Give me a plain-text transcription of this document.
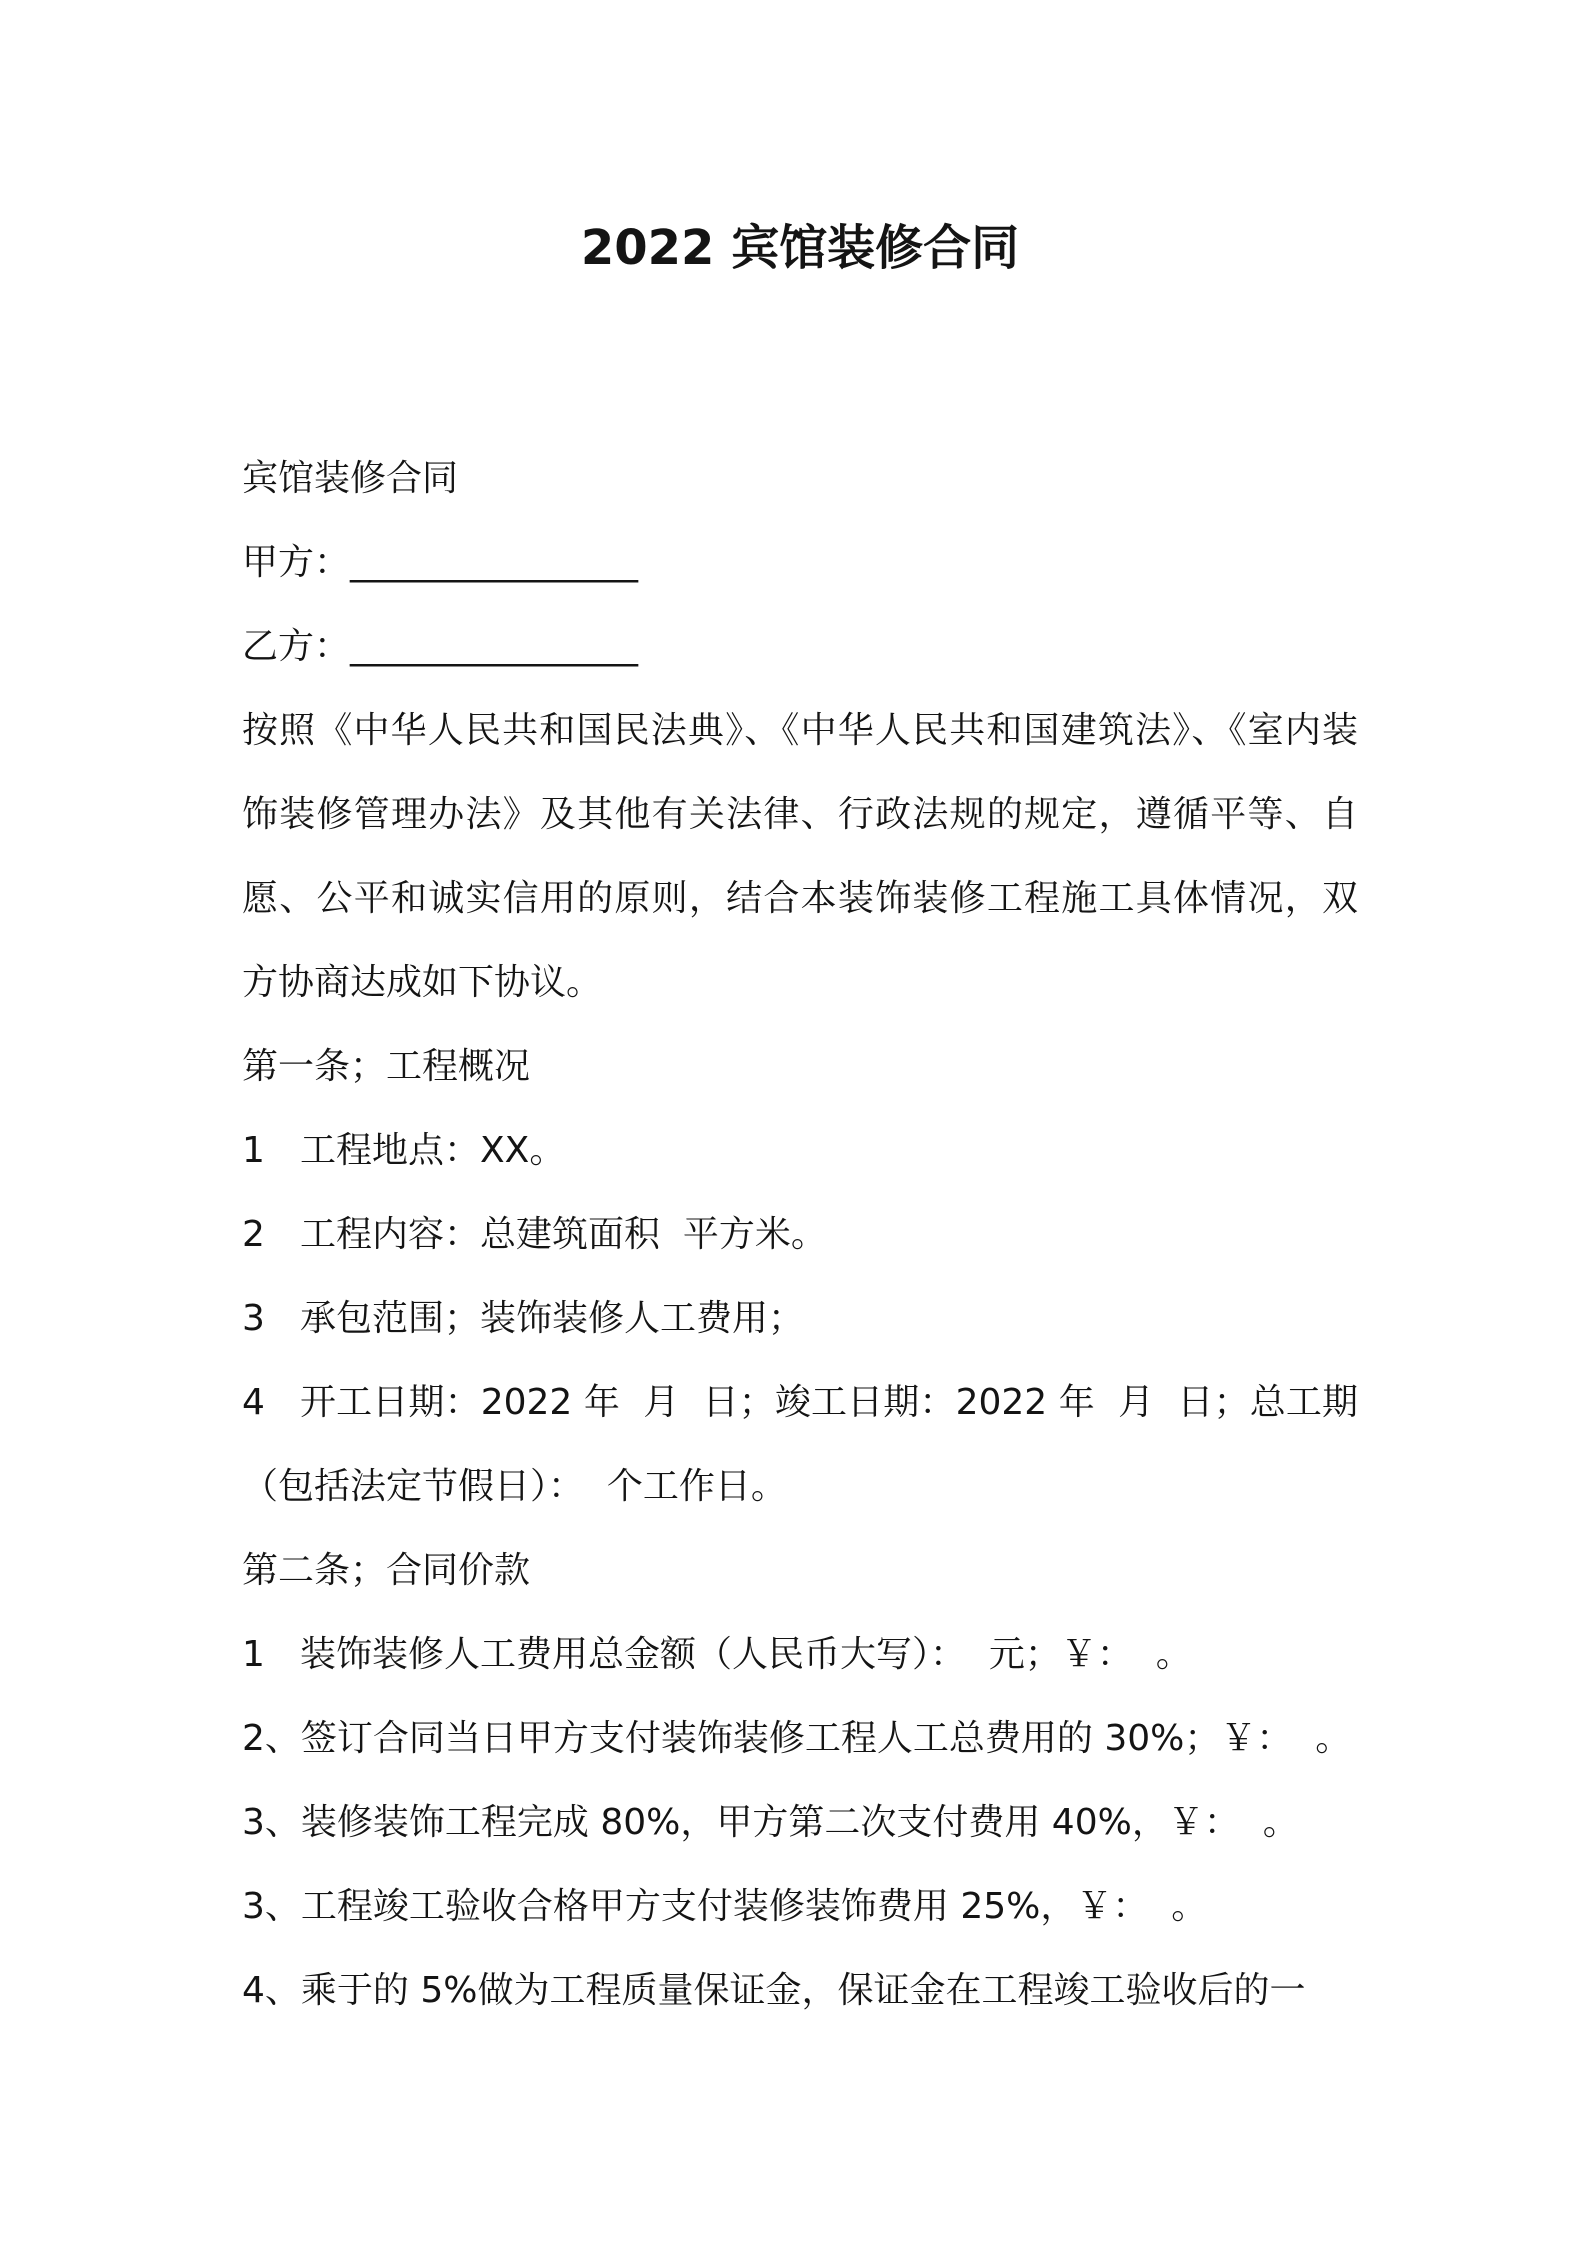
2022 宾馆装修合同
宾馆装修合同
甲方：________________
乙方：________________
按照《中华人民共和国民法典》、《中华人民共和国建筑法》、《室内装
饰装修管理办法》及其他有关法律、行政法规的规定，遵循平等、自
愿、公平和诚实信用的原则，结合本装饰装修工程施工具体情况，双
方协商达成如下协议。
第一条；工程概况
1 工程地点：XX。
2 工程内容：总建筑面积  平方米。
3 承包范围；装饰装修人工费用；
4 开工日期：2022 年  月  日；竣工日期：2022 年  月  日；总工期
（包括法定节假日）：  个工作日。
第二条；合同价款
1 装饰装修人工费用总金额（人民币大写）：  元；￥：  。
2、签订合同当日甲方支付装饰装修工程人工总费用的 30%；￥：  。
3、装修装饰工程完成 80%，甲方第二次支付费用 40%，￥：  。
3、工程竣工验收合格甲方支付装修装饰费用 25%，￥：  。
4、乘于的 5%做为工程质量保证金，保证金在工程竣工验收后的一
